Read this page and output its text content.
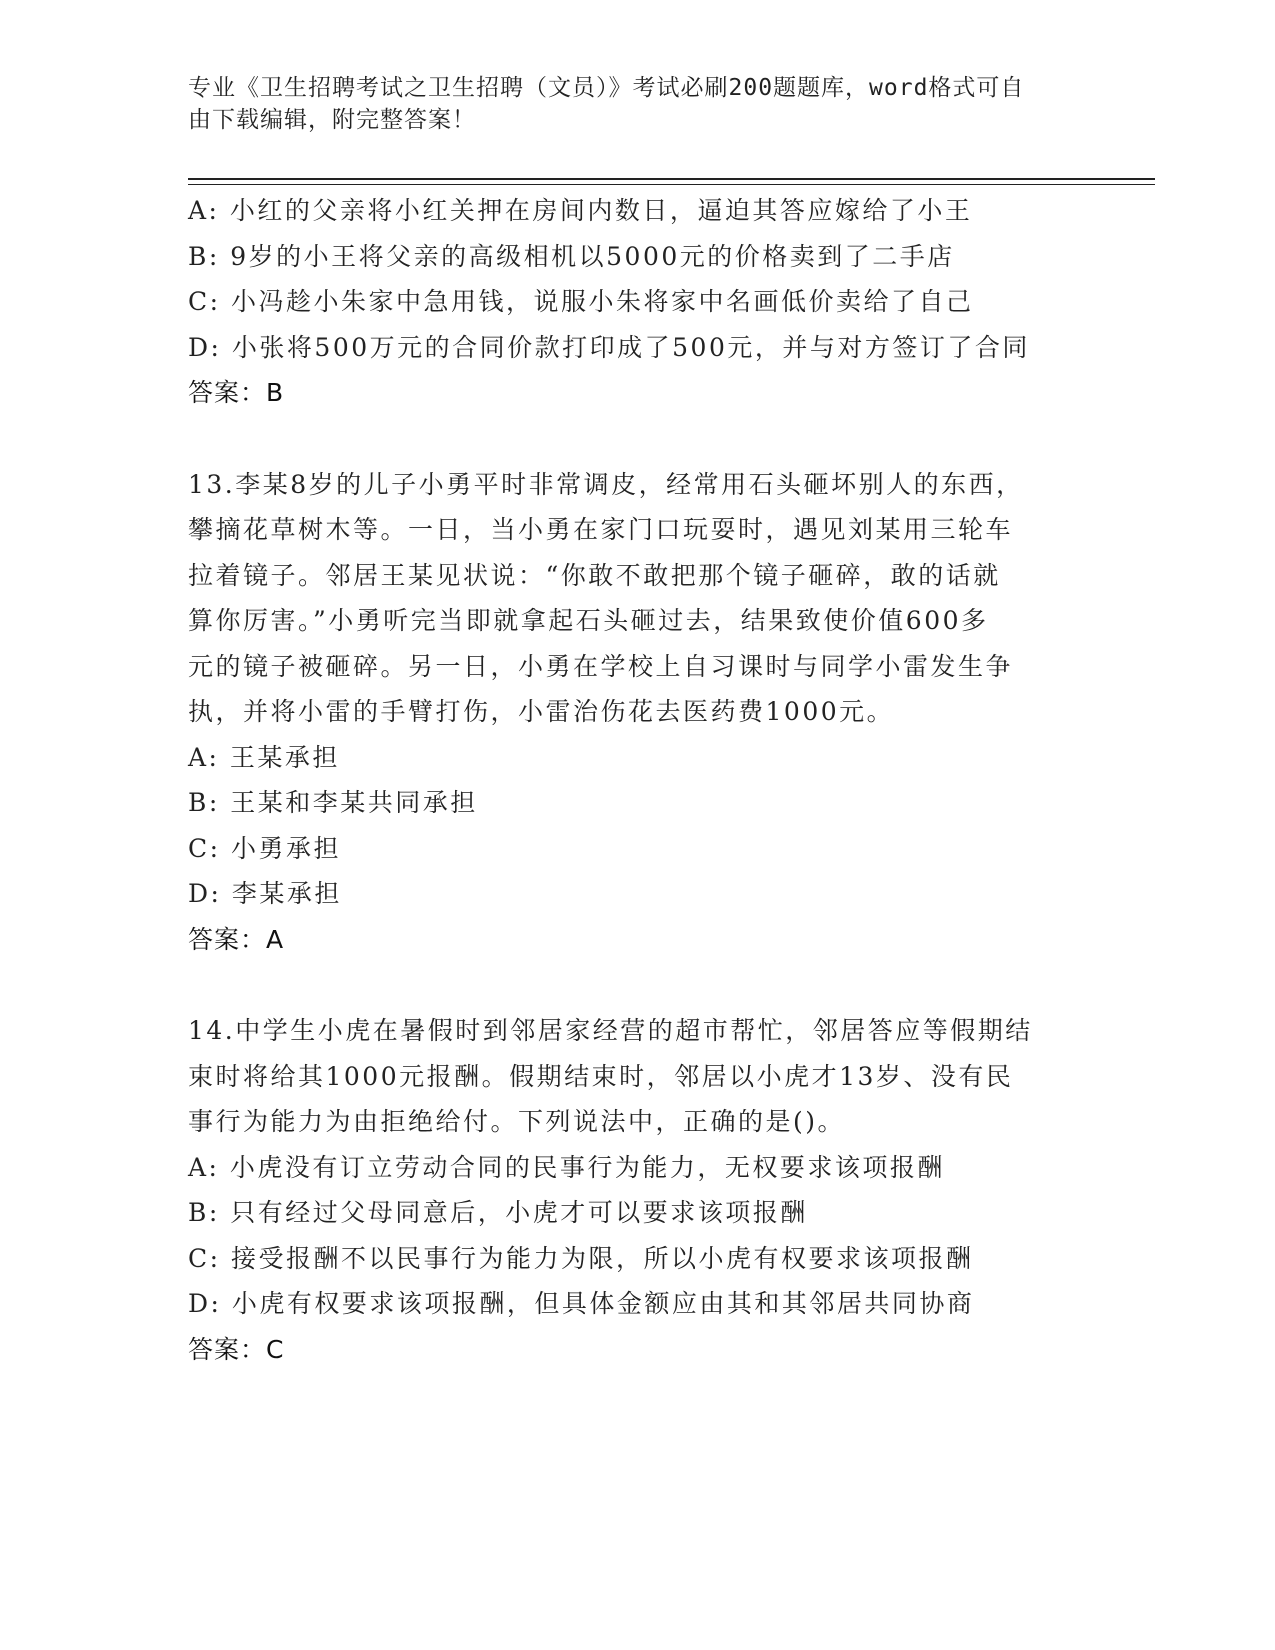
专业《卫生招聘考试之卫生招聘（文员）》考试必刷200题题库，word格式可自
由下载编辑，附完整答案！
A: 小红的父亲将小红关押在房间内数日，逼迫其答应嫁给了小王
B: 9岁的小王将父亲的高级相机以5000元的价格卖到了二手店
C: 小冯趁小朱家中急用钱，说服小朱将家中名画低价卖给了自己
D: 小张将500万元的合同价款打印成了500元，并与对方签订了合同
答案：B
13.李某8岁的儿子小勇平时非常调皮，经常用石头砸坏别人的东西，
攀摘花草树木等。一日，当小勇在家门口玩耍时，遇见刘某用三轮车
拉着镜子。邻居王某见状说：“你敢不敢把那个镜子砸碎，敢的话就
算你厉害。”小勇听完当即就拿起石头砸过去，结果致使价值600多
元的镜子被砸碎。另一日，小勇在学校上自习课时与同学小雷发生争
执，并将小雷的手臂打伤，小雷治伤花去医药费1000元。
A: 王某承担
B: 王某和李某共同承担
C: 小勇承担
D: 李某承担
答案：A
14.中学生小虎在暑假时到邻居家经营的超市帮忙，邻居答应等假期结
束时将给其1000元报酬。假期结束时，邻居以小虎才13岁、没有民
事行为能力为由拒绝给付。下列说法中，正确的是()。
A: 小虎没有订立劳动合同的民事行为能力，无权要求该项报酬
B: 只有经过父母同意后，小虎才可以要求该项报酬
C: 接受报酬不以民事行为能力为限，所以小虎有权要求该项报酬
D: 小虎有权要求该项报酬，但具体金额应由其和其邻居共同协商
答案：C
